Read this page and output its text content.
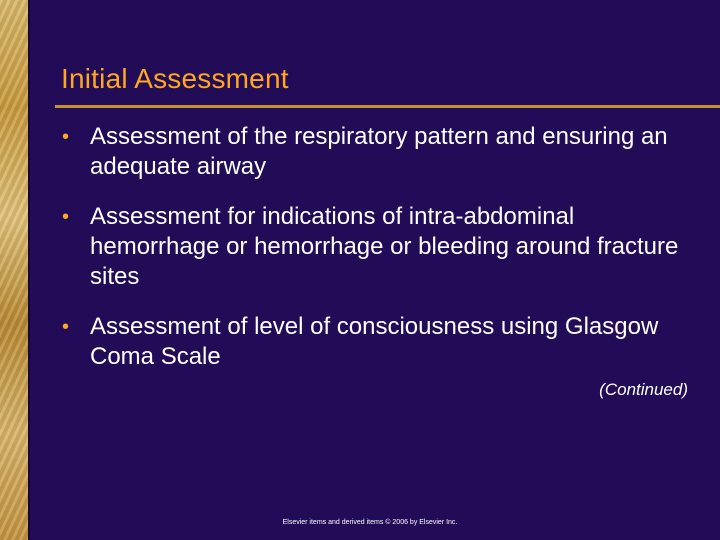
Initial Assessment
• Assessment of the respiratory pattern and ensuring an adequate airway
• Assessment for indications of intra-abdominal hemorrhage or hemorrhage or bleeding around fracture sites
• Assessment of level of consciousness using Glasgow Coma Scale
(Continued)
Elsevier items and derived items © 2006 by Elsevier Inc.
